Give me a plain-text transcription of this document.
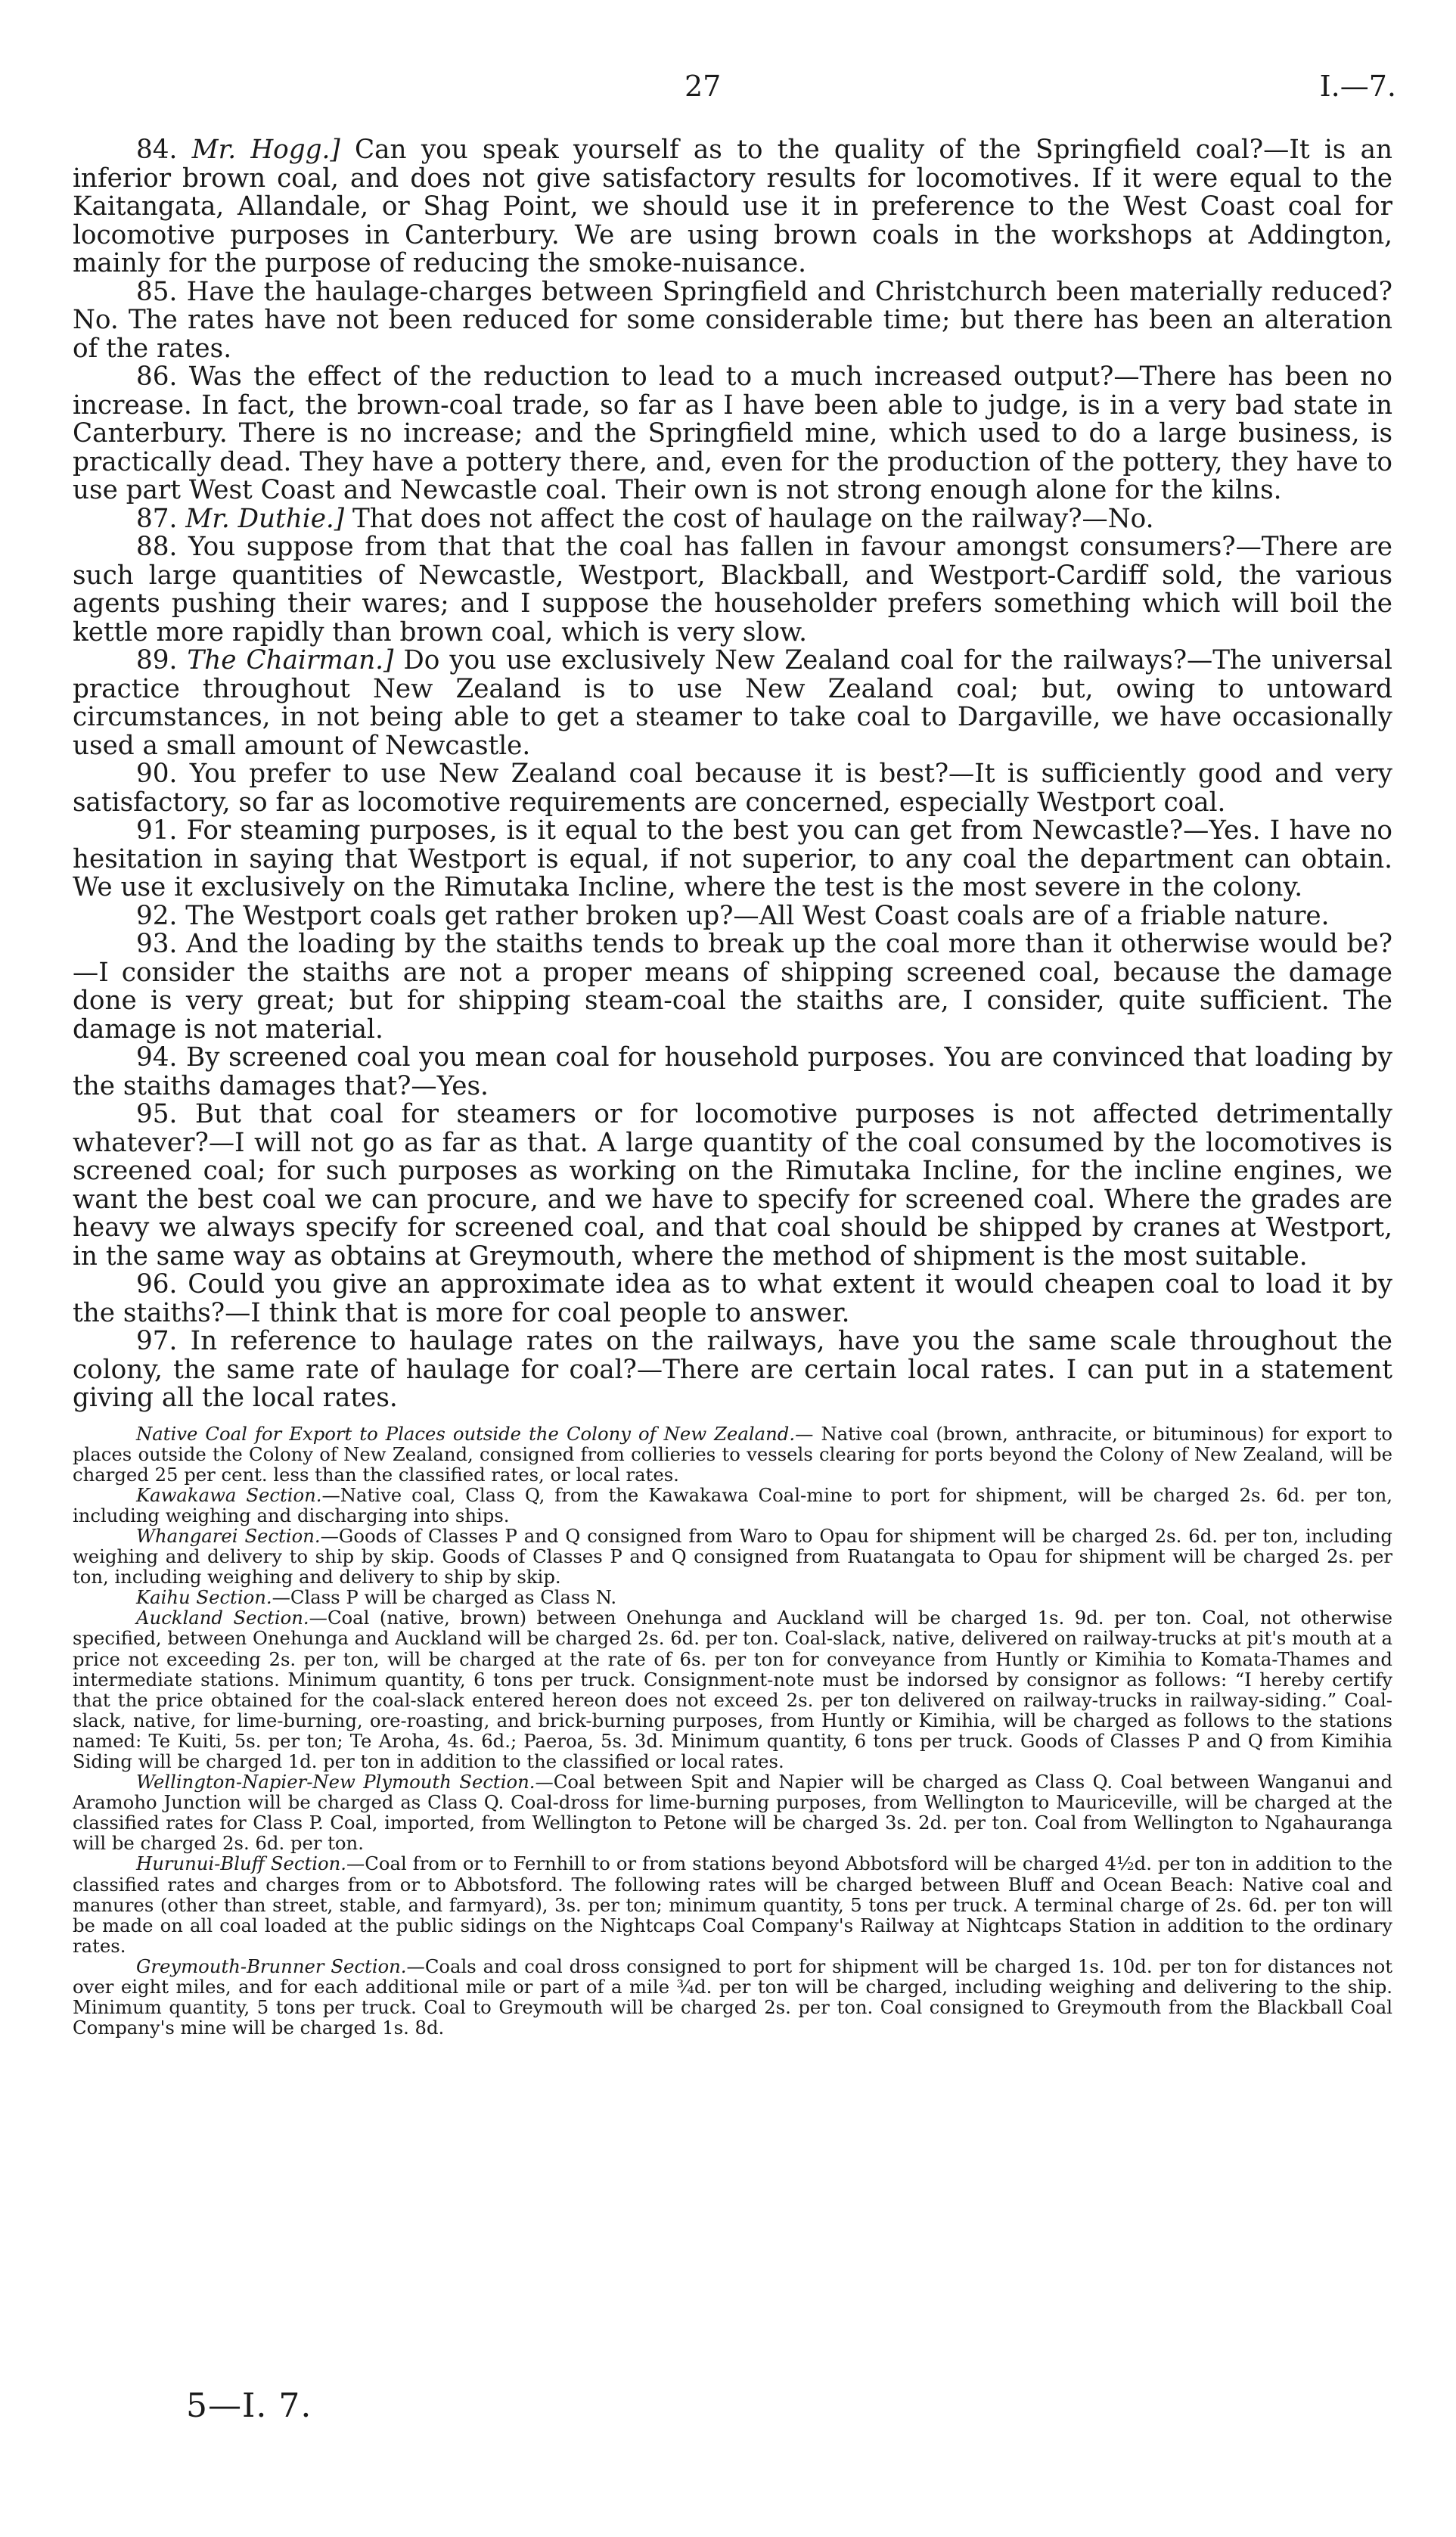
27	I.—7.

84. Mr. Hogg.] Can you speak yourself as to the quality of the Springfield coal?—It is an inferior brown coal, and does not give satisfactory results for locomotives. If it were equal to the Kaitangata, Allandale, or Shag Point, we should use it in preference to the West Coast coal for locomotive purposes in Canterbury. We are using brown coals in the workshops at Addington, mainly for the purpose of reducing the smoke-nuisance.

85. Have the haulage-charges between Springfield and Christchurch been materially reduced? No. The rates have not been reduced for some considerable time; but there has been an alteration of the rates.

86. Was the effect of the reduction to lead to a much increased output?—There has been no increase. In fact, the brown-coal trade, so far as I have been able to judge, is in a very bad state in Canterbury. There is no increase; and the Springfield mine, which used to do a large business, is practically dead. They have a pottery there, and, even for the production of the pottery, they have to use part West Coast and Newcastle coal. Their own is not strong enough alone for the kilns.

87. Mr. Duthie.] That does not affect the cost of haulage on the railway?—No.

88. You suppose from that that the coal has fallen in favour amongst consumers?—There are such large quantities of Newcastle, Westport, Blackball, and Westport-Cardiff sold, the various agents pushing their wares; and I suppose the householder prefers something which will boil the kettle more rapidly than brown coal, which is very slow.

89. The Chairman.] Do you use exclusively New Zealand coal for the railways?—The universal practice throughout New Zealand is to use New Zealand coal; but, owing to untoward circumstances, in not being able to get a steamer to take coal to Dargaville, we have occasionally used a small amount of Newcastle.

90. You prefer to use New Zealand coal because it is best?—It is sufficiently good and very satisfactory, so far as locomotive requirements are concerned, especially Westport coal.

91. For steaming purposes, is it equal to the best you can get from Newcastle?—Yes. I have no hesitation in saying that Westport is equal, if not superior, to any coal the department can obtain. We use it exclusively on the Rimutaka Incline, where the test is the most severe in the colony.

92. The Westport coals get rather broken up?—All West Coast coals are of a friable nature.

93. And the loading by the staiths tends to break up the coal more than it otherwise would be?—I consider the staiths are not a proper means of shipping screened coal, because the damage done is very great; but for shipping steam-coal the staiths are, I consider, quite sufficient. The damage is not material.

94. By screened coal you mean coal for household purposes. You are convinced that loading by the staiths damages that?—Yes.

95. But that coal for steamers or for locomotive purposes is not affected detrimentally whatever?—I will not go as far as that. A large quantity of the coal consumed by the locomotives is screened coal; for such purposes as working on the Rimutaka Incline, for the incline engines, we want the best coal we can procure, and we have to specify for screened coal. Where the grades are heavy we always specify for screened coal, and that coal should be shipped by cranes at Westport, in the same way as obtains at Greymouth, where the method of shipment is the most suitable.

96. Could you give an approximate idea as to what extent it would cheapen coal to load it by the staiths?—I think that is more for coal people to answer.

97. In reference to haulage rates on the railways, have you the same scale throughout the colony, the same rate of haulage for coal?—There are certain local rates. I can put in a statement giving all the local rates.

Native Coal for Export to Places outside the Colony of New Zealand.— Native coal (brown, anthracite, or bituminous) for export to places outside the Colony of New Zealand, consigned from collieries to vessels clearing for ports beyond the Colony of New Zealand, will be charged 25 per cent. less than the classified rates, or local rates.

Kawakawa Section.—Native coal, Class Q, from the Kawakawa Coal-mine to port for shipment, will be charged 2s. 6d. per ton, including weighing and discharging into ships.

Whangarei Section.—Goods of Classes P and Q consigned from Waro to Opau for shipment will be charged 2s. 6d. per ton, including weighing and delivery to ship by skip. Goods of Classes P and Q consigned from Ruatangata to Opau for shipment will be charged 2s. per ton, including weighing and delivery to ship by skip.

Kaihu Section.—Class P will be charged as Class N.

Auckland Section.—Coal (native, brown) between Onehunga and Auckland will be charged 1s. 9d. per ton. Coal, not otherwise specified, between Onehunga and Auckland will be charged 2s. 6d. per ton. Coal-slack, native, delivered on railway-trucks at pit's mouth at a price not exceeding 2s. per ton, will be charged at the rate of 6s. per ton for conveyance from Huntly or Kimihia to Komata-Thames and intermediate stations. Minimum quantity, 6 tons per truck. Consignment-note must be indorsed by consignor as follows: “I hereby certify that the price obtained for the coal-slack entered hereon does not exceed 2s. per ton delivered on railway-trucks in railway-siding.” Coal-slack, native, for lime-burning, ore-roasting, and brick-burning purposes, from Huntly or Kimihia, will be charged as follows to the stations named: Te Kuiti, 5s. per ton; Te Aroha, 4s. 6d.; Paeroa, 5s. 3d. Minimum quantity, 6 tons per truck. Goods of Classes P and Q from Kimihia Siding will be charged 1d. per ton in addition to the classified or local rates.

Wellington-Napier-New Plymouth Section.—Coal between Spit and Napier will be charged as Class Q. Coal between Wanganui and Aramoho Junction will be charged as Class Q. Coal-dross for lime-burning purposes, from Wellington to Mauriceville, will be charged at the classified rates for Class P. Coal, imported, from Wellington to Petone will be charged 3s. 2d. per ton. Coal from Wellington to Ngahauranga will be charged 2s. 6d. per ton.

Hurunui-Bluff Section.—Coal from or to Fernhill to or from stations beyond Abbotsford will be charged 4½d. per ton in addition to the classified rates and charges from or to Abbotsford. The following rates will be charged between Bluff and Ocean Beach: Native coal and manures (other than street, stable, and farmyard), 3s. per ton; minimum quantity, 5 tons per truck. A terminal charge of 2s. 6d. per ton will be made on all coal loaded at the public sidings on the Nightcaps Coal Company's Railway at Nightcaps Station in addition to the ordinary rates.

Greymouth-Brunner Section.—Coals and coal dross consigned to port for shipment will be charged 1s. 10d. per ton for distances not over eight miles, and for each additional mile or part of a mile ¾d. per ton will be charged, including weighing and delivering to the ship. Minimum quantity, 5 tons per truck. Coal to Greymouth will be charged 2s. per ton. Coal consigned to Greymouth from the Blackball Coal Company's mine will be charged 1s. 8d.

5—I. 7.
